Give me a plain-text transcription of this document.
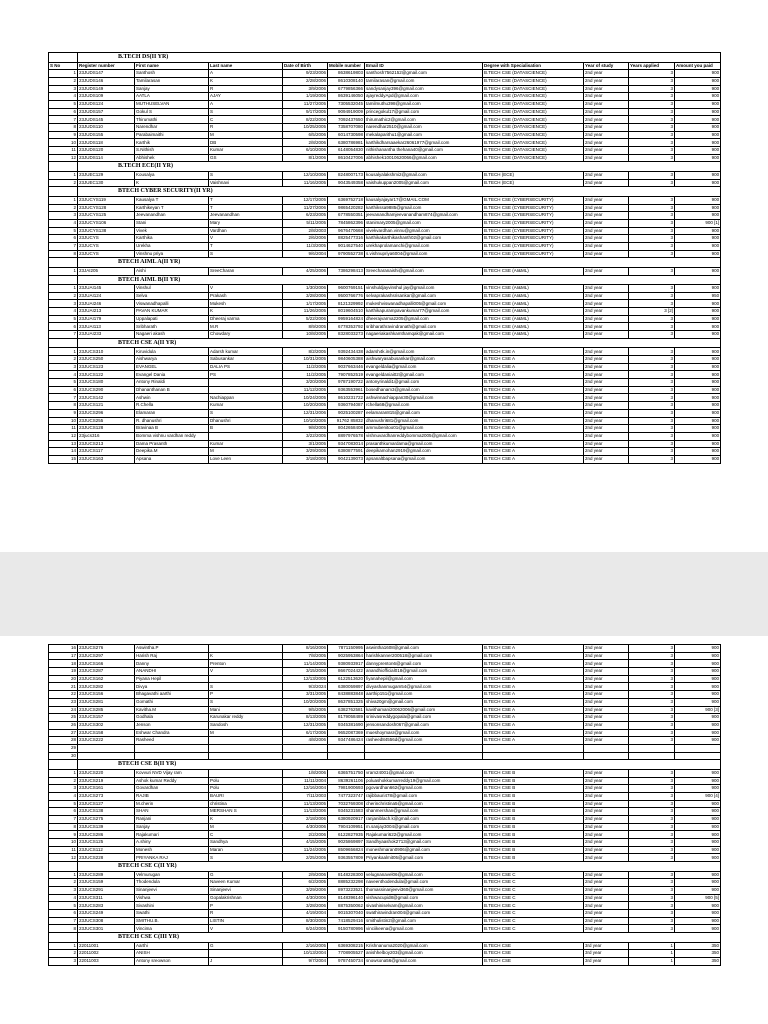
	B.TECH DS(II YR)									
S No	Register number	First name	Last name	Date of Birth	Mobile number	Email ID	Degree with Specialisation	Year of study	Years applied	Amount you paid
1	23JUDS147	Santhosh	A	9/23/2006	8638619803	santhosh7562152@gmail.com	B.TECH CSE (DATASCIENCE)	2nd year	3	900
2	23JUDS146	Tamilarasan	K	2/28/2006	8610308140	tamilarasan@gmail.com	B.TECH CSE (DATASCIENCE)	2nd year	3	900
3	23JUDS149	Sanjay	R	3/9/2006	6779856366	sandysanjay396@gmail.com	B.TECH CSE (DATASCIENCE)	2nd year	3	900
4	23JUDS109	AATLA	AJAY	1/19/2006	8639146050	ajayreddyApd@gmail.com	B.TECH CSE (DATASCIENCE)	2nd year	3	900
5	23JUDS124	MUTHUSELVAN	A	11/27/2005	7305532045	tamilmuthu398@gmail.com	B.TECH CSE (DATASCIENCE)	2nd year	3	900
6	23JUDS157	Gokul S	S	9/17/2005	9094919009	princegokul17@gmail.com	B.TECH CSE (DATASCIENCE)	2nd year	3	900
7	23JUDS145	Thirumathi	C	8/22/2006	7092437650	thirumathic2@gmail.com	B.TECH CSE (DATASCIENCE)	2nd year	3	900
8	23JUDS110	Narendhar	R	10/25/2005	7358707080	narendhar2510@gmail.com	B.TECH CSE (DATASCIENCE)	2nd year	3	900
9	23JUDS155	Parabaimaithi	M	6/5/2006	6014730598	mekalaparithu1@gmail.com	B.TECH CSE (DATASCIENCE)	2nd year	3	900
10	23JUDS118	Karthik	DB	2/8/2006	6380786981	karthikdharsaaekar26061977@gmail.com	B.TECH CSE (DATASCIENCE)	2nd year	3	900
11	23JUDS120	S.Nithish	Kumar	6/10/2006	6148054830	nithishanantha thehana40@gmail.com	B.TECH CSE (DATASCIENCE)	2nd year	3	900
12	23JUDS114	Abhishek	GS	8/1/2006	8610427006	abhishek10010620066@gmail.com	B.TECH CSE (DATASCIENCE)	2nd year	3	900
	B.TECH ECE(II YR)									
1	23JUEC129	Kousalya	S	12/10/2006	8248007173	kousalyalakshmi2@gmail.com	B.TECH (ECE)	2nd year	3	900
2	23JUEC130	K	Vaishnavi	11/16/2005	9043549358	vaishukuppan2005@gmail.com	B.TECH (ECE)	2nd year	3	900
	BTECH CYBER SECURITY(II YR)									
1	23JUCYS119	Kausalya T	T	12/17/2005	6369752718	kausalyajayar17@GMAIL.COM	B.TECH CSE (CYBERSECURITY)	2nd year	3	900
2	23JUCYS128	Karthikeyan T	T	11/27/2006	9865420282	karthikssa9885@gmail.com	B.TECH CSE (CYBERSECURITY)	2nd year	3	900
3	23JUCYS125	Jeevanandhan	Jeevanandhan	6/23/2005	6778550351	jeevanandhamjeevanandham874@gmail.com	B.TECH CSE (CYBERSECURITY)	2nd year	3	900
4	23JUCYS106	Stani	Mary	5/11/2005	7845862396	stanimary2005@gmail.com	B.TECH CSE (CYBERSECURITY)	2nd year	3	900 [1]
5	23JUCYS138	Vivek	Vardhan	2/8/2003	9676470668	vivekvardhan.vinnu@gmail.com	B.TECH CSE (CYBERSECURITY)	2nd year	3	900
6	23JUCYS	Karthika	V	2/6/2006	8825477316	karthikakarthikashanth02@gmail.com	B.TECH CSE (CYBERSECURITY)	2nd year	3	900
7	23JUCYS	Urekha	T	11/3/2005	9014627540	urekhaprolamanchi@gmail.com	B.TECH CSE (CYBERSECURITY)	2nd year	3	900
8	23JUCYS	Vinshnu priya	S	9/6/2004	9790552738	s.vishnupriya6004@gmail.com	B.TECH CSE (CYBERSECURITY)	2nd year	3	900
	BTECH AIML A(II YR)									
1	23JAI205	Aishi	SreeCharan	4/25/2006	7386298413	Sreecharanaishi@gmail.com	B.TECH CSE (AI&ML)	2nd year	3	900
	BTECH AIML B(II YR)									
1	23JUAI145	Vinshul	V	1/30/2006	9600769151	vinshuldjayvinshul jay@gmail.com	B.TECH CSE (AI&ML)	2nd year	3	900
2	23JUAI124	Selva	Prakash	3/28/2006	9500766776	selvaprakashsrisankar@gmail.com	B.TECH CSE (AI&ML)	2nd year	3	950
3	23JUAI246	Viswanadhapalli	Mukesh	1/17/2005	8121329992	mukeshviswanadhapalli005@gmail.com	B.TECH CSE (AI&ML)	2nd year	3	900
4	23JUAI213	PAVAN KUMAR	K	11/26/2005	8019604510	karthikapurampavankumar77@gmail.com	B.TECH CSE (AI&ML)	2nd year	3 [2]	900
5	23JUAI179	Uppalapati	Dheeraj varma	5/22/2006	9959164824	dheerajvarma2205@gmail.com	B.TECH CSE (AI&ML)	2nd year	3	900
6	23JUAI113	Sribharath	M.R	8/9/2005	6778353792	sribharathravindranath@gmail.com	B.TECH CSE (AI&ML)	2nd year	3	900
7	23JUAI233	Nagaeri akash	Chowdary	10/8/2005	8328033273	nagaeriakashkamthamqak@gmail.com	B.TECH CSE (AI&ML)	2nd year	3	900
	BTECH CSE A(II YR)									
1	23JUCS310	Kiruvidula	Adarsh kumar	8/2/2005	9392434438	adarsh4k.in@gmail.com	B.TECH CSE A	2nd year	3	900
2	23JUCS250	Aishwarya	Sabusankar	10/31/2005	9840605388	aishwaryasabusankar@gmail.com	B.TECH CSE A	2nd year	3	900
3	23JUCS123	EVANGEL	DALIA PS	11/2/2005	9037663446	evangeldalia@gmail.com	B.TECH CSE A	2nd year	3	900
4	23JUCS122	Evangel Dania	PS	11/2/2005	7907852519	evangeldaniai02@gmail.com	B.TECH CSE A	2nd year	3	900
5	23JUCS180	Antony Rinaldi		3/20/2006	9787190722	antonyrinaldi1@gmail.com	B.TECH CSE A	2nd year	3	900
6	23JUCS290	Dhananthanan B		11/12/2005	9363553961	bosedhanam3@gmail.com	B.TECH CSE A	2nd year	3	900
7	23JUCS142	Ashwin	Nachiappan	10/24/2005	8610231722	ashwinnachiappan30@gmail.com	B.TECH CSE A	2nd year	3	900
8	23JUCS121	R.Chella	Kumar	10/20/2005	9360794087	rchella68@gmail.com	B.TECH CSE A	2nd year	3	900
9	23JUCS296	Elamaran	S	12/31/2006	9025100287	eelamaran815@gmail.com	B.TECH CSE A	2nd year	3	900
10	23JUCS255	R. dhanushri	Dhanushri	10/10/2005	91762 85832	dhanushri681@gmail.com	B.TECH CSE A	2nd year	3	900
11	23JUCS128	Bravinaa B	B	9/8/2005	8042658408	ammubenitoo01@gmail.com	B.TECH CSE A	2nd year	3	900
12	23jucs316	Bomma vishnu vardhan reddy		3/22/2005	8897976578	vishnuvardhanreddybomma2005@gmail.com	B.TECH CSE A	2nd year	3	900
13	23JUCS213	Dama Prasanth	Kumar	3/1/2005	9347083014	prasanthkumardama@gmail.com	B.TECH CSE A	2nd year	3	900
14	23JUCS117	Deepika.M	M	3/29/2005	6380877591	deepikamohan2919@gmail.com	B.TECH CSE A	2nd year	3	900
15	23JUCS163	Apsana	Love Leen	3/18/2005	9042139073	apsanaltbapsana@gmail.com	B.TECH CSE A	2nd year	3	900
16	23JUCS276	Aswintha.P		8/16/2006	7871150995	aswintha1608@gmail.com	B.TECH CSE A	2nd year	3	900
17	23JUCS297	Harish Raj	K	7/8/2005	9025953864	harishkanner200518@gmail.com	B.TECH CSE A	2nd year	3	900
18	23JUCS166	Danny	Prenton	11/14/2005	9380933917	dannyprenton6@gmail.com	B.TECH CSE A	2nd year	3	900
19	23JUCS287	ANANDHI	V	3/15/2006	8667024422	anandhiofficial018@gmail.com	B.TECH CSE A	2nd year	3	900
20	23JUCS162	Piyana Hepil		12/13/2005	6122513620	fiyanahepil@gmail.com	B.TECH CSE A	2nd year	3	900
21	23JUCS282	Divya	S	9/3/2024	6380059897	divyashanmugam54@gmail.com	B.TECH CSE A	2nd year	3	900
22	23JUCS156	Bhagavathi aarthi	P	3/31/2005	8438883848	aarthip151@gmail.com	B.TECH CSE A	2nd year	3	900
23	23JUCS281	Gomathi	S	10/20/2005	8637851325	shiva20gm@gmail.com	B.TECH CSE A	2nd year	3	900
24	23JUCS285	Kavitha.M	Mani	9/5/2005	6382762581	kavithamani20062006@gmail.com	B.TECH CSE A	2nd year	3	900 [3]
25	23JUCS157	Godhala	Karunakar reddy	8/13/2005	8179058489	srinivasreddygopala@gmail.com	B.TECH CSE A	2nd year	3	900
26	23JUCS302	Jenson	Sandosh	12/31/2005	9345381690	jensonsandosh067@gmail.com	B.TECH CSE A	2nd year	3	900
27	23JUCS158	Eshwar Chandra	M	6/17/2006	9652087369	mueshoymasr@gmail.com	B.TECH CSE A	2nd year	3	900
28	23JUCS222	Rasheed		4/8/2006	9347486424	rasheed84556d@gmail.com	B.TECH CSE A	2nd year	3	900
29										
30										
	BTECH CSE B(II YR)									
1	23JUCS220	Kovvuri NVD Vijay ram		1/8/2006	6365751750	vram24001@gmail.com	B.TECH CSE B	2nd year	3	900
2	23JUCS219	Ashok kumar Reddy	Polu	11/11/2004	8639261106	poluashokkumarreddy19@gmail.com	B.TECH CSE B	2nd year	3	900
3	23JUCS161	Govardhan	Polu	12/16/2004	7981900693	pgovardhan662@gmail.com	B.TECH CSE B	2nd year	3	900
4	23JUCS273	RAJIB	BAURI	7/11/2003	7477323747	rajibbauri478@gmail.com	B.TECH CSE B	2nd year	3	900 [4]
5	23JUCS127	M.cherin	christina	11/13/2005	7032769308	cherinchristina5@gmail.com	B.TECH CSE B	2nd year	3	900
6	23JUCS138	SHAN	MERSHAN S	11/13/2006	9345231583	shanmershan@gmail.com	B.TECH CSE B	2nd year	3	900
7	23JUCS275	Ranjani	K	2/18/2006	6380920917	ranjaniblach.k@gmail.com	B.TECH CSE B	2nd year	3	900
8	23JUCS139	Sanjay	M	4/30/2006	7904109951	m.sanjay3004@gmail.com	B.TECH CSE B	2nd year	3	900
9	23JUCS286	Rajakumari	C	2/2/2006	6122827935	Rajakumari622@gmail.com	B.TECH CSE B	2nd year	3	900
10	23JUCS125	A.shiny	Sandhya	4/15/2005	9025869897	Sandhyaashok2713@gmail.com	B.TECH CSE B	2nd year	3	900
11	23JUCS112	Monesh	Maran	11/24/2005	8509656824	moneshmaran0906@gmail.com	B.TECH CSE B	2nd year	3	900
12	23JUCS228	PRIYANKA RAJ	S	2/25/2005	9363557809	Priyankaalmit05@gmail.com	B.TECH CSE B	2nd year	3	900
	BTECH CSE C(II YR)									
1	23JUCS289	Velmurugan	G	2/9/2006	8148228300	velugnanavel06@gmail.com	B.TECH CSE C	2nd year	3	900
2	23JUCS159	Thodendula	Naveen Kumar	6/2/2005	8885232298	naveenthodendula@gmail.com	B.TECH CSE C	2nd year	3	900
3	23JUCS291	Sinanjeevi	Sinanjeevi	3/29/2006	8973223521	thomassinanjeevi360@gmail.com	B.TECH CSE C	2nd year	3	900
4	23JUCS311	Vishwa	Gopalakrishnan	4/30/2006	8148396140	vishwacupid8@gmail.com	B.TECH CSE C	2nd year	3	900 [5]
5	23JUCS283	Sivashini	P	3/28/2006	8875350062	sivashiniselvam@gmail.com	B.TECH CSE C	2nd year	3	900
6	23JUCS249	Swathi	R	4/19/2004	9015307040	swathiravindran004@gmail.com	B.TECH CSE C	2nd year	3	900
7	23JUCS308	SMITHU.B.	LISTIN	8/30/2005	7418529416	smithulistin2@gmail.com	B.TECH CSE C	2nd year	3	900
8	23JUCS301	Vincima	V	6/24/2005	9150780996	vinciikeena@gmail.com	B.TECH CSE C	2nd year	3	900
	BTECH CSE C(III YR)									
1	22011001	Aarthi	G	2/16/2005	6369308215	Krishnanuma2020@gmail.com	B.TECH CSE	3rd year	1	350
2	22011002	ANISH		10/13/2004	7708905527	anishhelboy203@gmail.com	B.TECH CSE	3rd year	1	350
3	22011003	Antony sreowson	J	9/7/2004	9787450734	snowsona56@gmail.com	B.TECH CSE	3rd year	1	350
